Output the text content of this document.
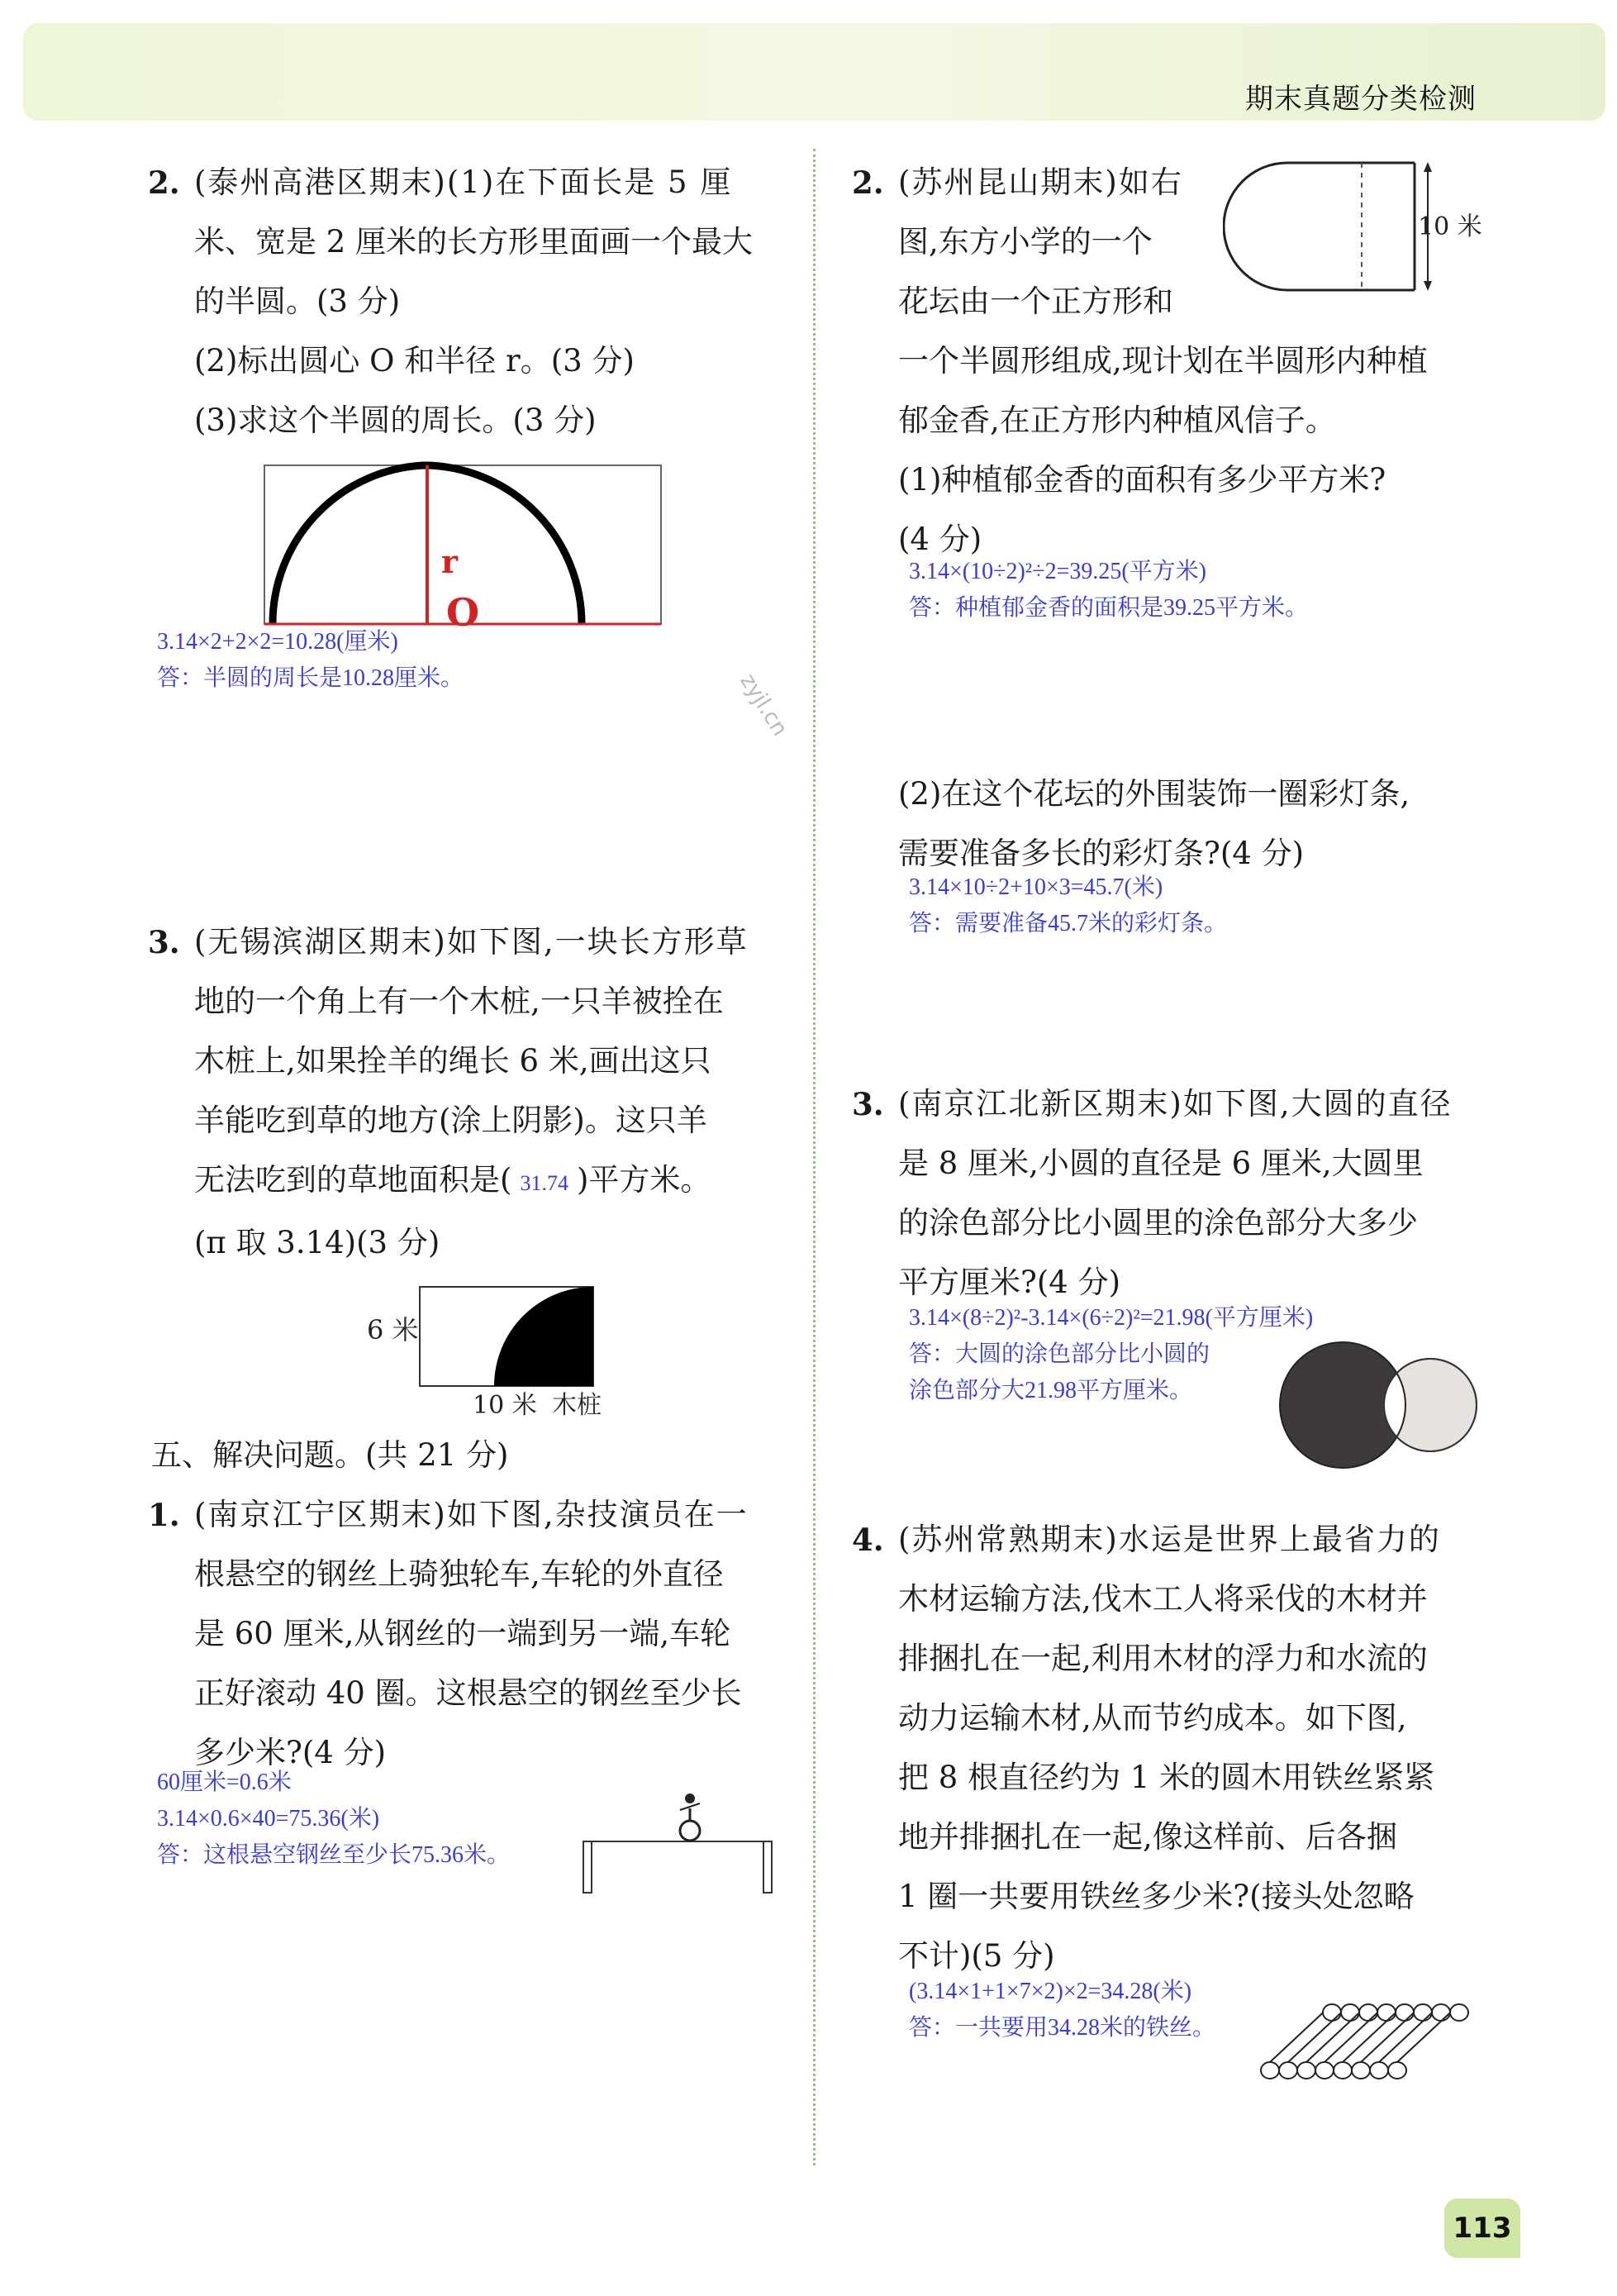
期末真题分类检测
zyjl.cn
2. (泰州高港区期末)(1)在下面长是 5 厘
米、宽是 2 厘米的长方形里面画一个最大
的半圆。(3 分)
(2)标出圆心 O 和半径 r。(3 分)
(3)求这个半圆的周长。(3 分)
r
O
3.14×2+2×2=10.28(厘米)
答：半圆的周长是10.28厘米。
3. (无锡滨湖区期末)如下图,一块长方形草
地的一个角上有一个木桩,一只羊被拴在
木桩上,如果拴羊的绳长 6 米,画出这只
羊能吃到草的地方(涂上阴影)。这只羊
无法吃到的草地面积是( 31.74 )平方米。
(π 取 3.14)(3 分)
6 米
10 米 木桩
五、解决问题。(共 21 分)
1. (南京江宁区期末)如下图,杂技演员在一
根悬空的钢丝上骑独轮车,车轮的外直径
是 60 厘米,从钢丝的一端到另一端,车轮
正好滚动 40 圈。这根悬空的钢丝至少长
多少米?(4 分)
60厘米=0.6米
3.14×0.6×40=75.36(米)
答：这根悬空钢丝至少长75.36米。
2. (苏州昆山期末)如右
图,东方小学的一个
花坛由一个正方形和
一个半圆形组成,现计划在半圆形内种植
郁金香,在正方形内种植风信子。
(1)种植郁金香的面积有多少平方米?
(4 分)
10 米
3.14×(10÷2)²÷2=39.25(平方米)
答：种植郁金香的面积是39.25平方米。
(2)在这个花坛的外围装饰一圈彩灯条,
需要准备多长的彩灯条?(4 分)
3.14×10÷2+10×3=45.7(米)
答：需要准备45.7米的彩灯条。
3. (南京江北新区期末)如下图,大圆的直径
是 8 厘米,小圆的直径是 6 厘米,大圆里
的涂色部分比小圆里的涂色部分大多少
平方厘米?(4 分)
3.14×(8÷2)²-3.14×(6÷2)²=21.98(平方厘米)
答：大圆的涂色部分比小圆的
涂色部分大21.98平方厘米。
4. (苏州常熟期末)水运是世界上最省力的
木材运输方法,伐木工人将采伐的木材并
排捆扎在一起,利用木材的浮力和水流的
动力运输木材,从而节约成本。如下图,
把 8 根直径约为 1 米的圆木用铁丝紧紧
地并排捆扎在一起,像这样前、后各捆
1 圈一共要用铁丝多少米?(接头处忽略
不计)(5 分)
(3.14×1+1×7×2)×2=34.28(米)
答：一共要用34.28米的铁丝。
113
